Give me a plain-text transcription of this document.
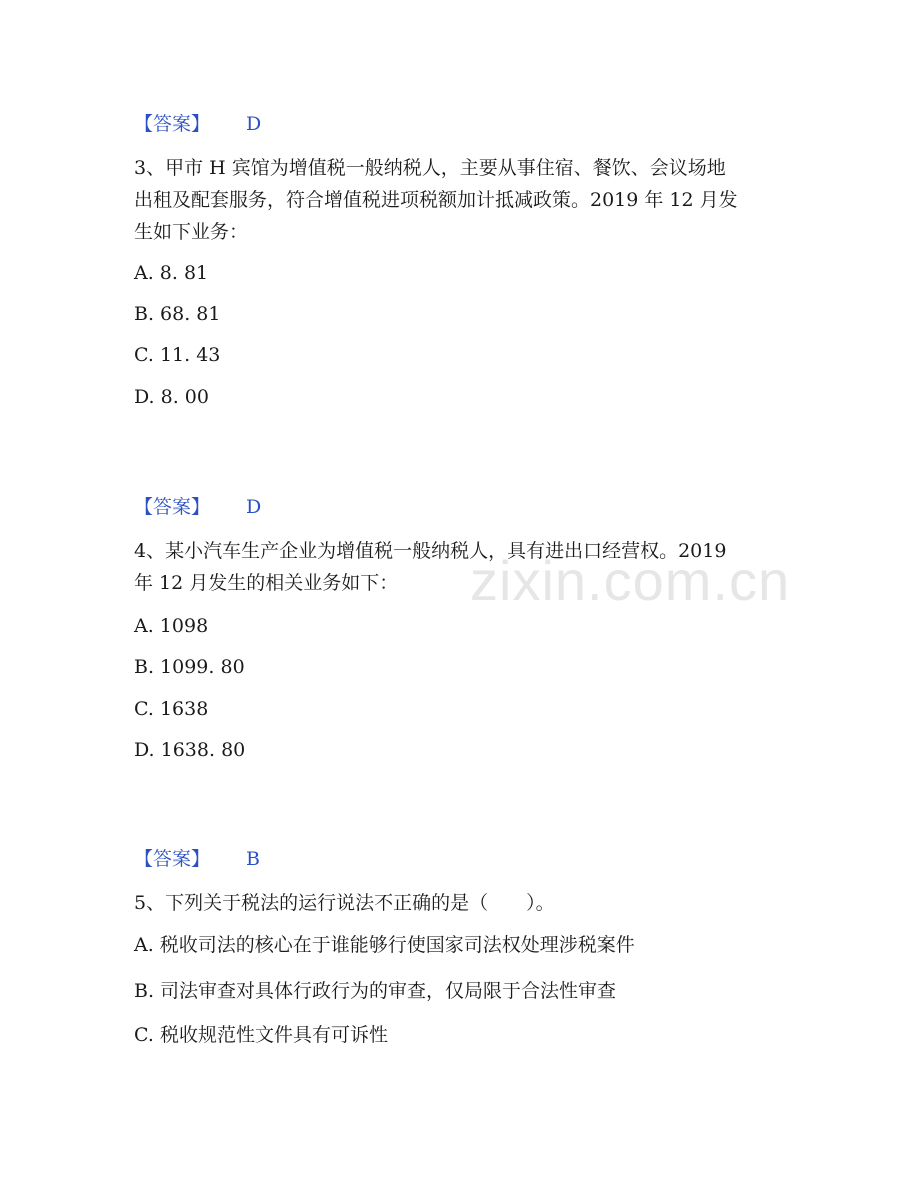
zixin.com.cn
【答案】 D
3、甲市 H 宾馆为增值税一般纳税人，主要从事住宿、餐饮、会议场地
出租及配套服务，符合增值税进项税额加计抵减政策。2019 年 12 月发
生如下业务：
A. 8. 81
B. 68. 81
C. 11. 43
D. 8. 00
【答案】 D
4、某小汽车生产企业为增值税一般纳税人，具有进出口经营权。2019
年 12 月发生的相关业务如下：
A. 1098
B. 1099. 80
C. 1638
D. 1638. 80
【答案】 B
5、下列关于税法的运行说法不正确的是（　　）。
A. 税收司法的核心在于谁能够行使国家司法权处理涉税案件
B. 司法审查对具体行政行为的审查，仅局限于合法性审查
C. 税收规范性文件具有可诉性
